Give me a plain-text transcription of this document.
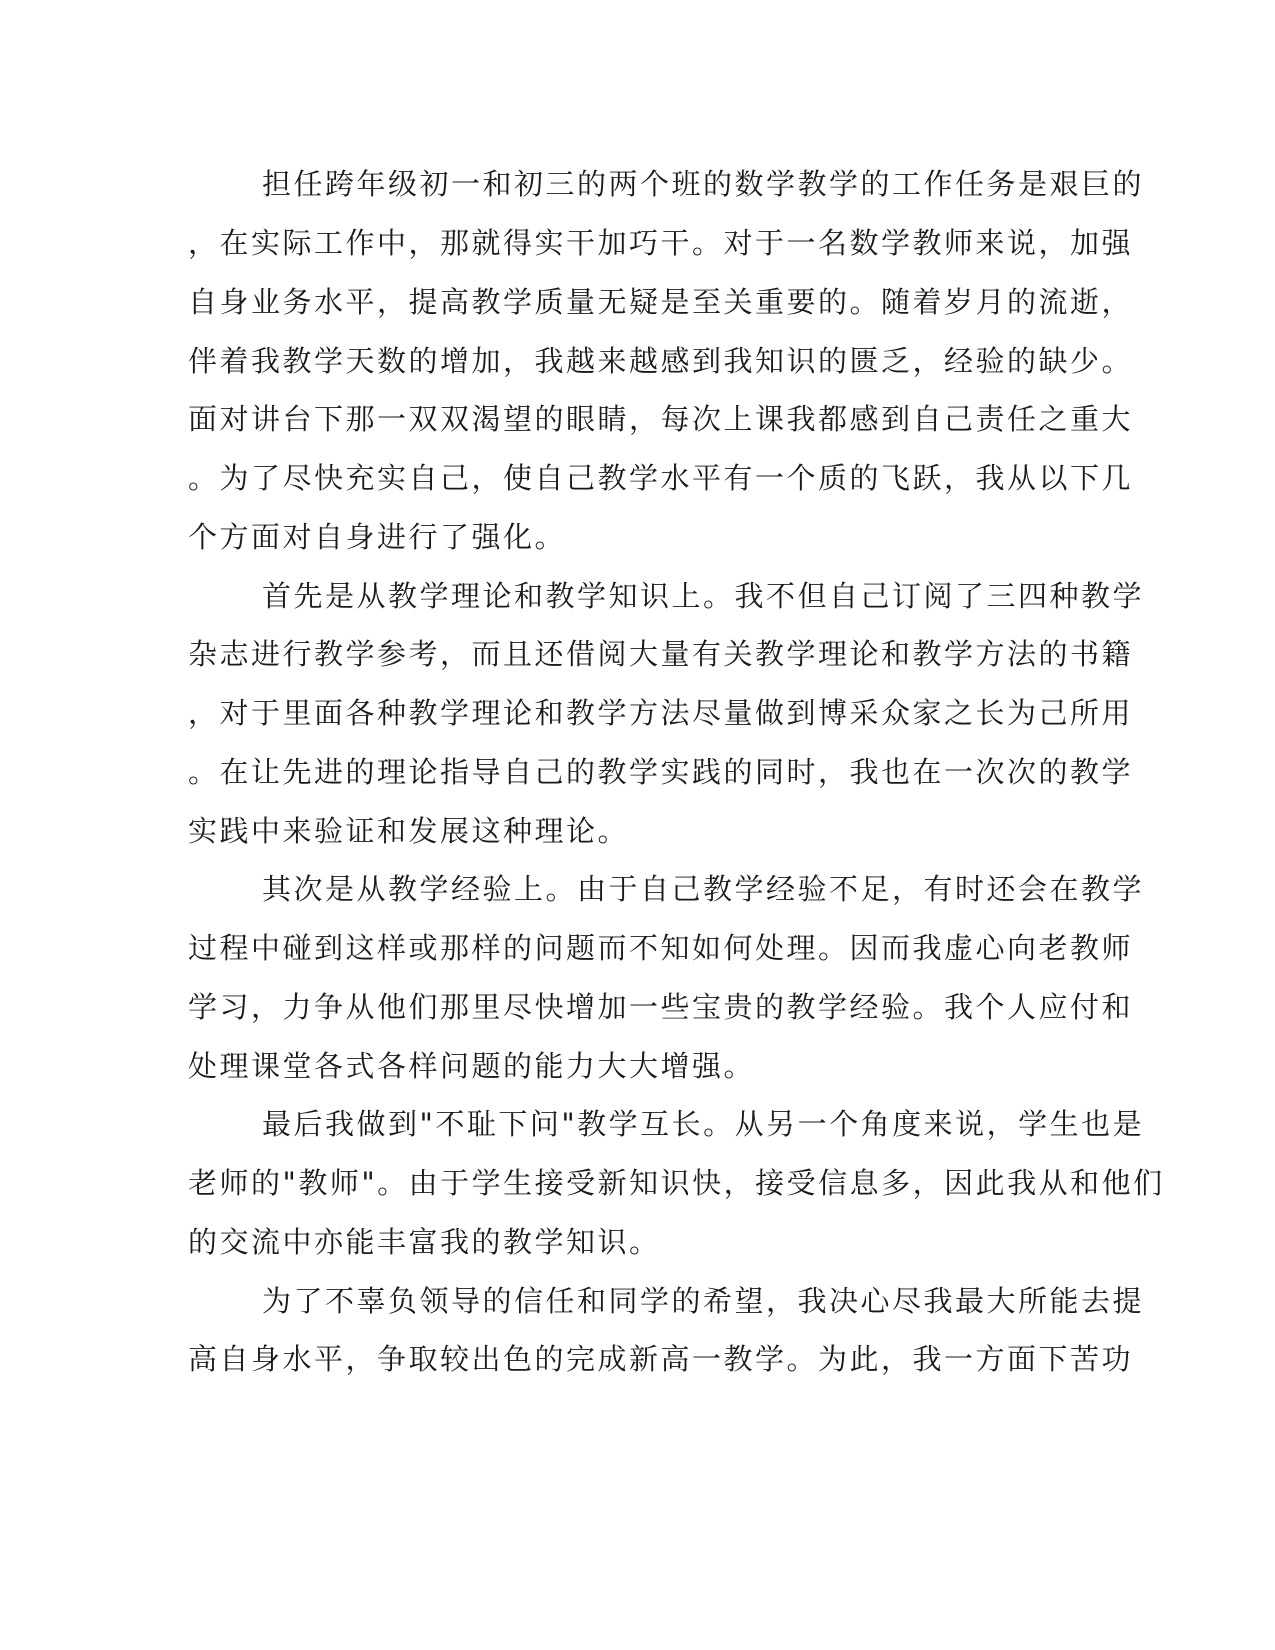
担任跨年级初一和初三的两个班的数学教学的工作任务是艰巨的

，在实际工作中，那就得实干加巧干。对于一名数学教师来说，加强

自身业务水平，提高教学质量无疑是至关重要的。随着岁月的流逝，

伴着我教学天数的增加，我越来越感到我知识的匮乏，经验的缺少。

面对讲台下那一双双渴望的眼睛，每次上课我都感到自己责任之重大

。为了尽快充实自己，使自己教学水平有一个质的飞跃，我从以下几

个方面对自身进行了强化。

首先是从教学理论和教学知识上。我不但自己订阅了三四种教学

杂志进行教学参考，而且还借阅大量有关教学理论和教学方法的书籍

，对于里面各种教学理论和教学方法尽量做到博采众家之长为己所用

。在让先进的理论指导自己的教学实践的同时，我也在一次次的教学

实践中来验证和发展这种理论。

其次是从教学经验上。由于自己教学经验不足，有时还会在教学

过程中碰到这样或那样的问题而不知如何处理。因而我虚心向老教师

学习，力争从他们那里尽快增加一些宝贵的教学经验。我个人应付和

处理课堂各式各样问题的能力大大增强。

最后我做到"不耻下问"教学互长。从另一个角度来说，学生也是

老师的"教师"。由于学生接受新知识快，接受信息多，因此我从和他们

的交流中亦能丰富我的教学知识。

为了不辜负领导的信任和同学的希望，我决心尽我最大所能去提

高自身水平，争取较出色的完成新高一教学。为此，我一方面下苦功
